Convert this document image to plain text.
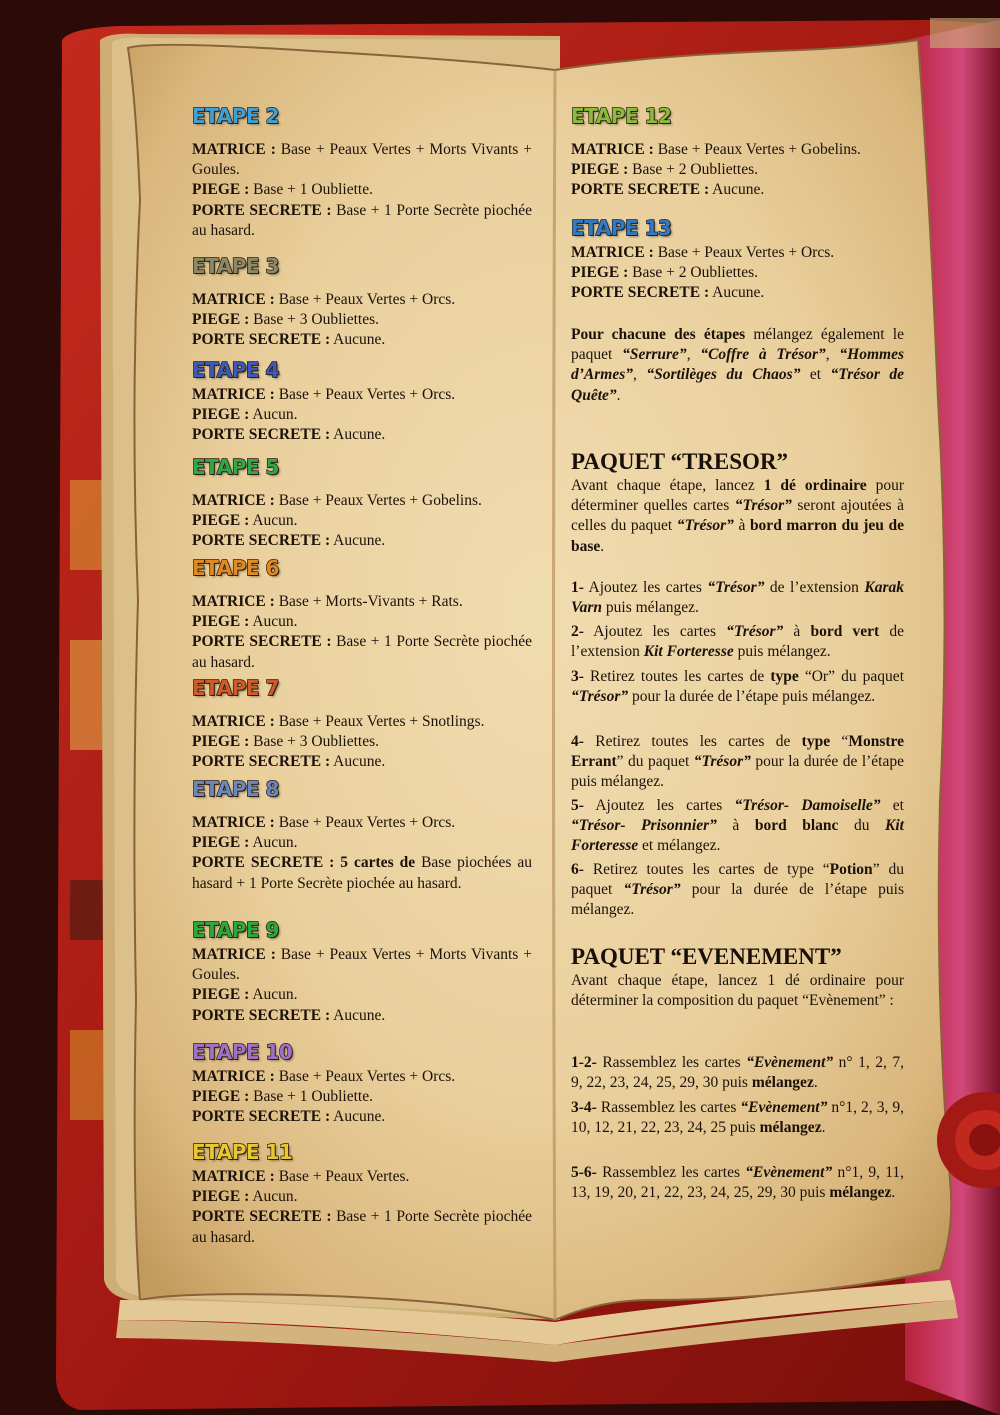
ETAPE 2

MATRICE : Base + Peaux Vertes + Morts Vivants + Goules.

PIEGE : Base + 1 Oubliette.

PORTE SECRETE : Base + 1 Porte Secrète piochée au hasard.

ETAPE 3

MATRICE : Base + Peaux Vertes + Orcs.

PIEGE : Base + 3 Oubliettes.

PORTE SECRETE : Aucune.

ETAPE 4

MATRICE : Base + Peaux Vertes + Orcs.

PIEGE : Aucun.

PORTE SECRETE : Aucune.

ETAPE 5

MATRICE : Base + Peaux Vertes + Gobelins.

PIEGE : Aucun.

PORTE SECRETE : Aucune.

ETAPE 6

MATRICE : Base + Morts-Vivants + Rats.

PIEGE : Aucun.

PORTE SECRETE : Base + 1 Porte Secrète piochée au hasard.

ETAPE 7

MATRICE : Base + Peaux Vertes + Snotlings.

PIEGE : Base + 3 Oubliettes.

PORTE SECRETE : Aucune.

ETAPE 8

MATRICE : Base + Peaux Vertes + Orcs.

PIEGE : Aucun.

PORTE SECRETE : 5 cartes de Base piochées au hasard + 1 Porte Secrète piochée au hasard.

ETAPE 9

MATRICE : Base + Peaux Vertes + Morts Vivants + Goules.

PIEGE : Aucun.

PORTE SECRETE : Aucune.

ETAPE 10

MATRICE : Base + Peaux Vertes + Orcs.

PIEGE : Base + 1 Oubliette.

PORTE SECRETE : Aucune.

ETAPE 11

MATRICE : Base + Peaux Vertes.

PIEGE : Aucun.

PORTE SECRETE : Base + 1 Porte Secrète piochée au hasard.

ETAPE 12

MATRICE : Base + Peaux Vertes + Gobelins.

PIEGE : Base + 2 Oubliettes.

PORTE SECRETE : Aucune.

ETAPE 13

MATRICE : Base + Peaux Vertes + Orcs.

PIEGE : Base + 2 Oubliettes.

PORTE SECRETE : Aucune.

Pour chacune des étapes mélangez également le paquet “Serrure”, “Coffre à Trésor”, “Hommes d’Armes”, “Sortilèges du Chaos” et “Trésor de Quête”.

PAQUET “TRESOR”

Avant chaque étape, lancez 1 dé ordinaire pour déterminer quelles cartes “Trésor” seront ajoutées à celles du paquet “Trésor” à bord marron du jeu de base.

1- Ajoutez les cartes “Trésor” de l’extension Karak Varn puis mélangez.

2- Ajoutez les cartes “Trésor” à bord vert de l’extension Kit Forteresse puis mélangez.

3- Retirez toutes les cartes de type “Or” du paquet “Trésor” pour la durée de l’étape puis mélangez.

4- Retirez toutes les cartes de type “Monstre Errant” du paquet “Trésor” pour la durée de l’étape puis mélangez.

5- Ajoutez les cartes “Trésor- Damoiselle” et “Trésor- Prisonnier” à bord blanc du Kit Forteresse et mélangez.

6- Retirez toutes les cartes de type “Potion” du paquet “Trésor” pour la durée de l’étape puis mélangez.

PAQUET “EVENEMENT”

Avant chaque étape, lancez 1 dé ordinaire pour déterminer la composition du paquet “Evènement” :

1-2- Rassemblez les cartes “Evènement” n° 1, 2, 7, 9, 22, 23, 24, 25, 29, 30 puis mélangez.

3-4- Rassemblez les cartes “Evènement” n°1, 2, 3, 9, 10, 12, 21, 22, 23, 24, 25 puis mélangez.

5-6- Rassemblez les cartes “Evènement” n°1, 9, 11, 13, 19, 20, 21, 22, 23, 24, 25, 29, 30 puis mélangez.
